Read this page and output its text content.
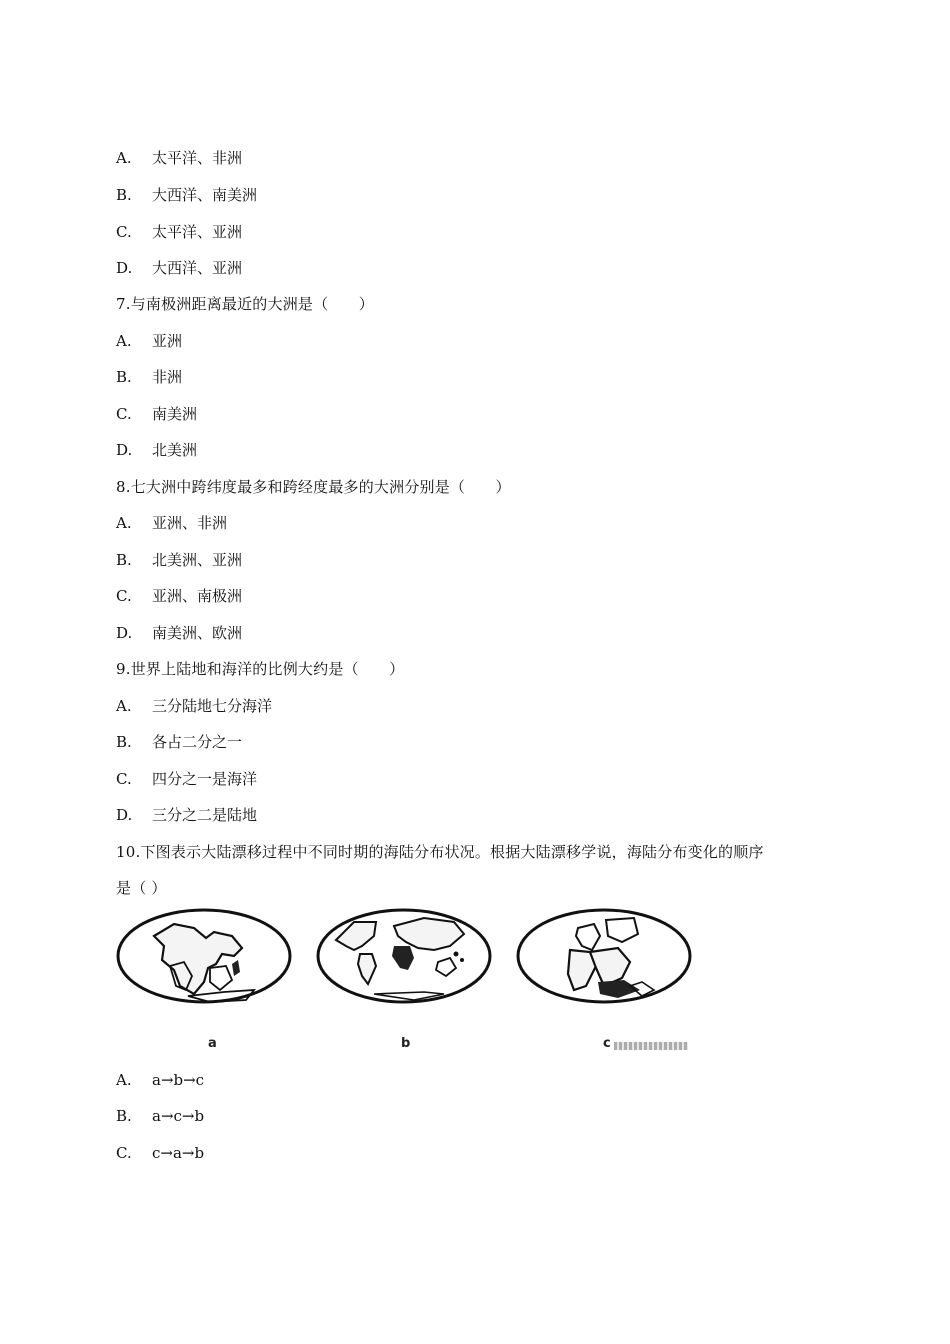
A. 太平洋、非洲
B. 大西洋、南美洲
C. 太平洋、亚洲
D. 大西洋、亚洲
7.与南极洲距离最近的大洲是（　　）
A. 亚洲
B. 非洲
C. 南美洲
D. 北美洲
8.七大洲中跨纬度最多和跨经度最多的大洲分别是（　　）
A. 亚洲、非洲
B. 北美洲、亚洲
C. 亚洲、南极洲
D. 南美洲、欧洲
9.世界上陆地和海洋的比例大约是（　　）
A. 三分陆地七分海洋
B. 各占二分之一
C. 四分之一是海洋
D. 三分之二是陆地
10.下图表示大陆漂移过程中不同时期的海陆分布状况。根据大陆漂移学说，海陆分布变化的顺序
是（ ）
a	b	c
A. a→b→c
B. a→c→b
C. c→a→b
